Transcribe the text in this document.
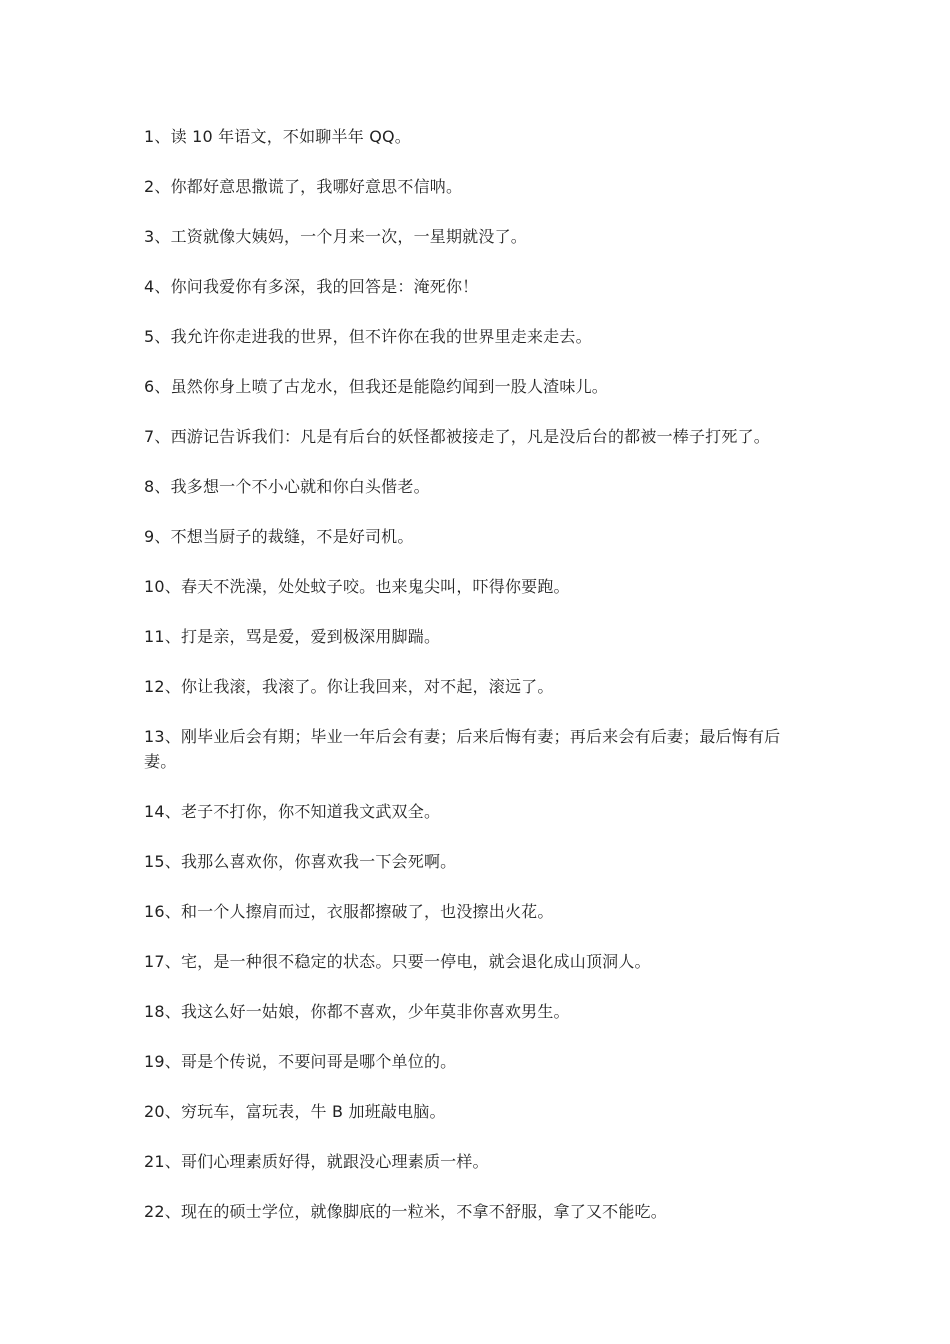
1、读 10 年语文，不如聊半年 QQ。
2、你都好意思撒谎了，我哪好意思不信呐。
3、工资就像大姨妈，一个月来一次，一星期就没了。
4、你问我爱你有多深，我的回答是：淹死你！
5、我允许你走进我的世界，但不许你在我的世界里走来走去。
6、虽然你身上喷了古龙水，但我还是能隐约闻到一股人渣味儿。
7、西游记告诉我们：凡是有后台的妖怪都被接走了，凡是没后台的都被一棒子打死了。
8、我多想一个不小心就和你白头偕老。
9、不想当厨子的裁缝，不是好司机。
10、春天不洗澡，处处蚊子咬。也来鬼尖叫，吓得你要跑。
11、打是亲，骂是爱，爱到极深用脚踹。
12、你让我滚，我滚了。你让我回来，对不起，滚远了。
13、刚毕业后会有期；毕业一年后会有妻；后来后悔有妻；再后来会有后妻；最后悔有后妻。
14、老子不打你，你不知道我文武双全。
15、我那么喜欢你，你喜欢我一下会死啊。
16、和一个人擦肩而过，衣服都擦破了，也没擦出火花。
17、宅，是一种很不稳定的状态。只要一停电，就会退化成山顶洞人。
18、我这么好一姑娘，你都不喜欢，少年莫非你喜欢男生。
19、哥是个传说，不要问哥是哪个单位的。
20、穷玩车，富玩表，牛 B 加班敲电脑。
21、哥们心理素质好得，就跟没心理素质一样。
22、现在的硕士学位，就像脚底的一粒米，不拿不舒服，拿了又不能吃。
